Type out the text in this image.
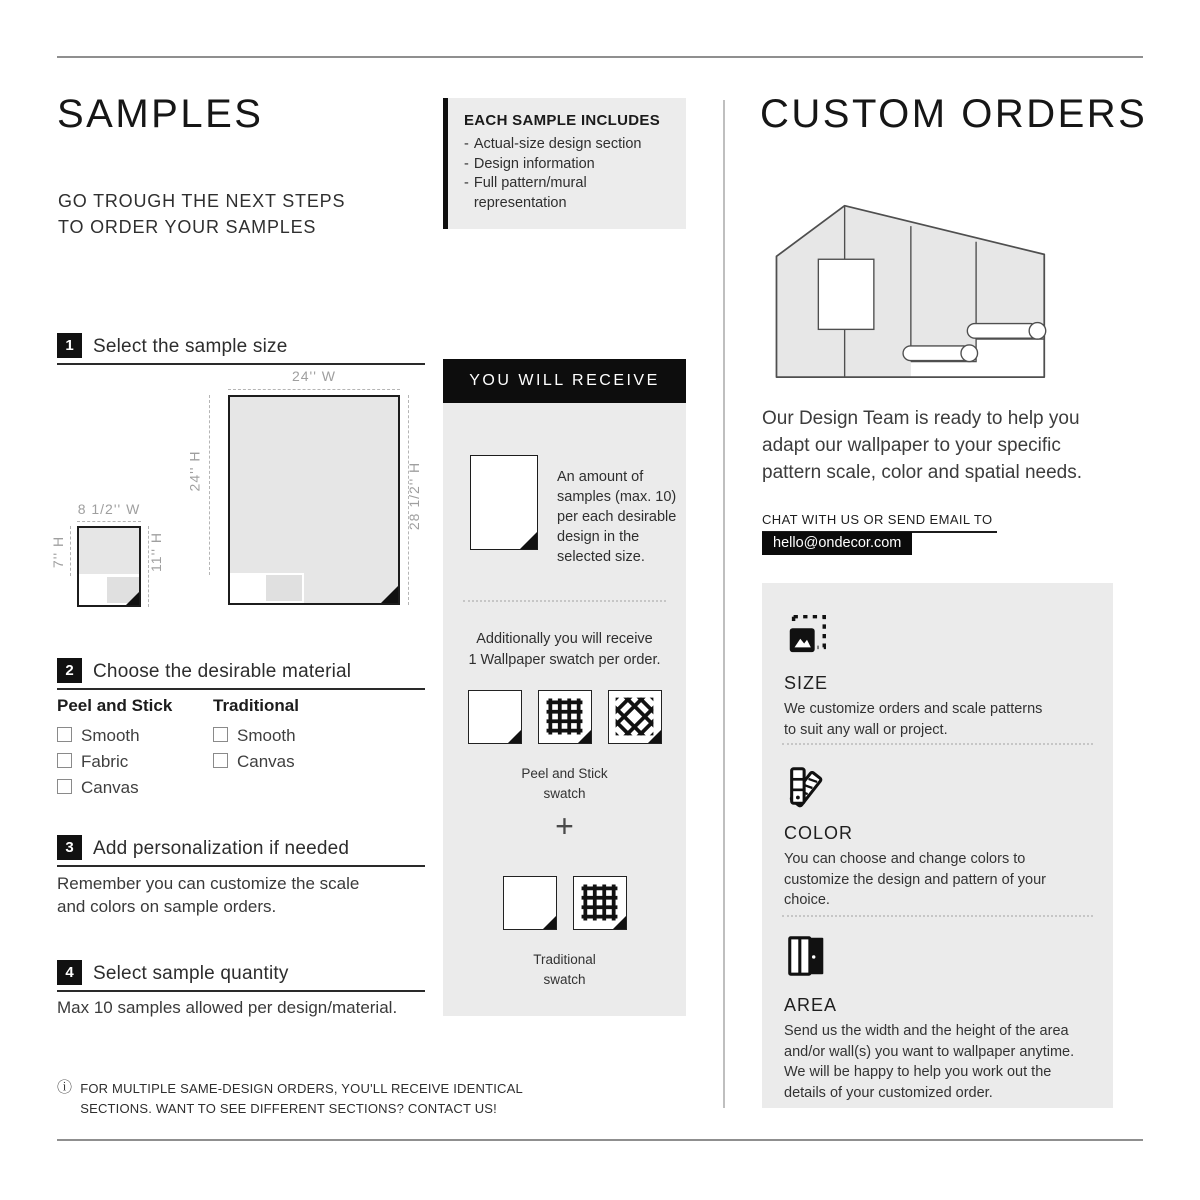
SAMPLES
GO TROUGH THE NEXT STEPS
TO ORDER YOUR SAMPLES
1	Select the sample size
24'' W
24'' H	28 1/2'' H
8 1/2'' W
7'' H	11'' H
2	Choose the desirable material
Peel and Stick
Smooth
Fabric
Canvas
Traditional
Smooth
Canvas
3	Add personalization if needed
Remember you can customize the scale
and colors on sample orders.
4	Select sample quantity
Max 10 samples allowed per design/material.
ⓘ FOR MULTIPLE SAME-DESIGN ORDERS, YOU'LL RECEIVE IDENTICAL
SECTIONS. WANT TO SEE DIFFERENT SECTIONS? CONTACT US!
EACH SAMPLE INCLUDES
- Actual-size design section
- Design information
- Full pattern/mural representation
YOU WILL RECEIVE
An amount of
samples (max. 10)
per each desirable
design in the
selected size.
Additionally you will receive
1 Wallpaper swatch per order.
Peel and Stick
swatch
+
Traditional
swatch
CUSTOM ORDERS
Our Design Team is ready to help you
adapt our wallpaper to your specific
pattern scale, color and spatial needs.
CHAT WITH US OR SEND EMAIL TO
hello@ondecor.com
SIZE
We customize orders and scale patterns
to suit any wall or project.
COLOR
You can choose and change colors to
customize the design and pattern of your
choice.
AREA
Send us the width and the height of the area
and/or wall(s) you want to wallpaper anytime.
We will be happy to help you work out the
details of your customized order.
